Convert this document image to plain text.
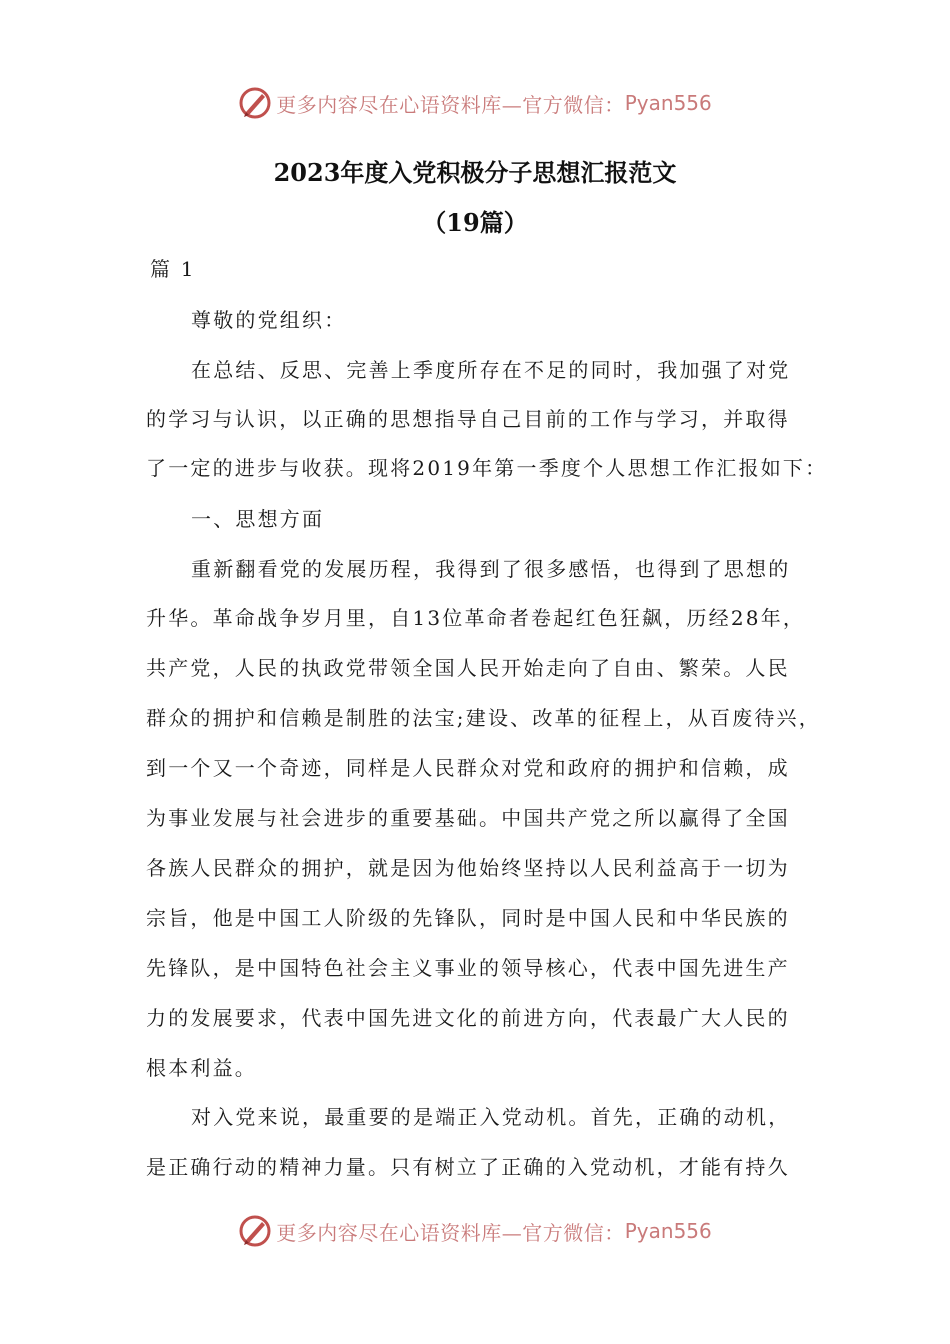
更多内容尽在心语资料库—官方微信： Pyan556
2023年度入党积极分子思想汇报范文
（19篇）
篇 1
尊敬的党组织：
在总结、反思、完善上季度所存在不足的同时，我加强了对党
的学习与认识，以正确的思想指导自己目前的工作与学习，并取得
了一定的进步与收获。现将2019年第一季度个人思想工作汇报如下：
一、思想方面
重新翻看党的发展历程，我得到了很多感悟，也得到了思想的
升华。革命战争岁月里，自13位革命者卷起红色狂飙，历经28年，
共产党，人民的执政党带领全国人民开始走向了自由、繁荣。人民
群众的拥护和信赖是制胜的法宝;建设、改革的征程上，从百废待兴，
到一个又一个奇迹，同样是人民群众对党和政府的拥护和信赖，成
为事业发展与社会进步的重要基础。中国共产党之所以赢得了全国
各族人民群众的拥护，就是因为他始终坚持以人民利益高于一切为
宗旨，他是中国工人阶级的先锋队，同时是中国人民和中华民族的
先锋队，是中国特色社会主义事业的领导核心，代表中国先进生产
力的发展要求，代表中国先进文化的前进方向，代表最广大人民的
根本利益。
对入党来说，最重要的是端正入党动机。首先，正确的动机，
是正确行动的精神力量。只有树立了正确的入党动机，才能有持久
更多内容尽在心语资料库—官方微信： Pyan556
